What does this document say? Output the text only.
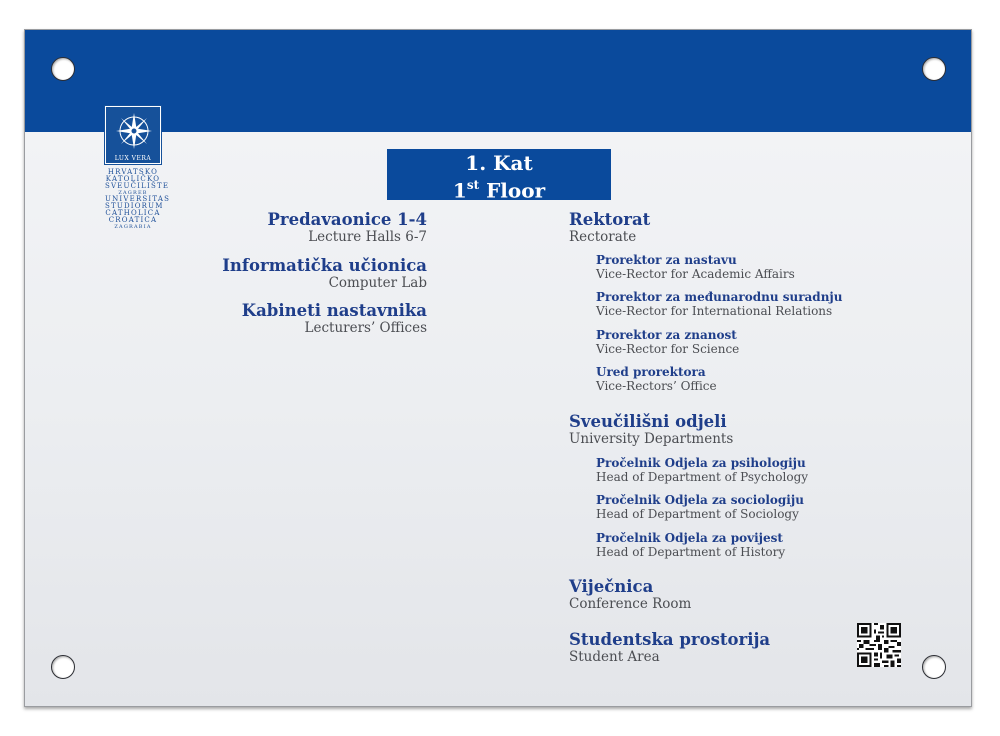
LUX VERA
HRVATSKO
KATOLIČKO
SVEUČILIŠTE
ZAGREB
UNIVERSITAS
STUDIORUM
CATHOLICA
CROATICA
ZAGRABIA
1. Kat
1st Floor
Predavaonice 1-4
Lecture Halls 6-7
Informatička učionica
Computer Lab
Kabineti nastavnika
Lecturers’ Offices
Rektorat
Rectorate
Prorektor za nastavu
Vice-Rector for Academic Affairs
Prorektor za međunarodnu suradnju
Vice-Rector for International Relations
Prorektor za znanost
Vice-Rector for Science
Ured prorektora
Vice-Rectors’ Office
Sveučilišni odjeli
University Departments
Pročelnik Odjela za psihologiju
Head of Department of Psychology
Pročelnik Odjela za sociologiju
Head of Department of Sociology
Pročelnik Odjela za povijest
Head of Department of History
Viječnica
Conference Room
Studentska prostorija
Student Area
